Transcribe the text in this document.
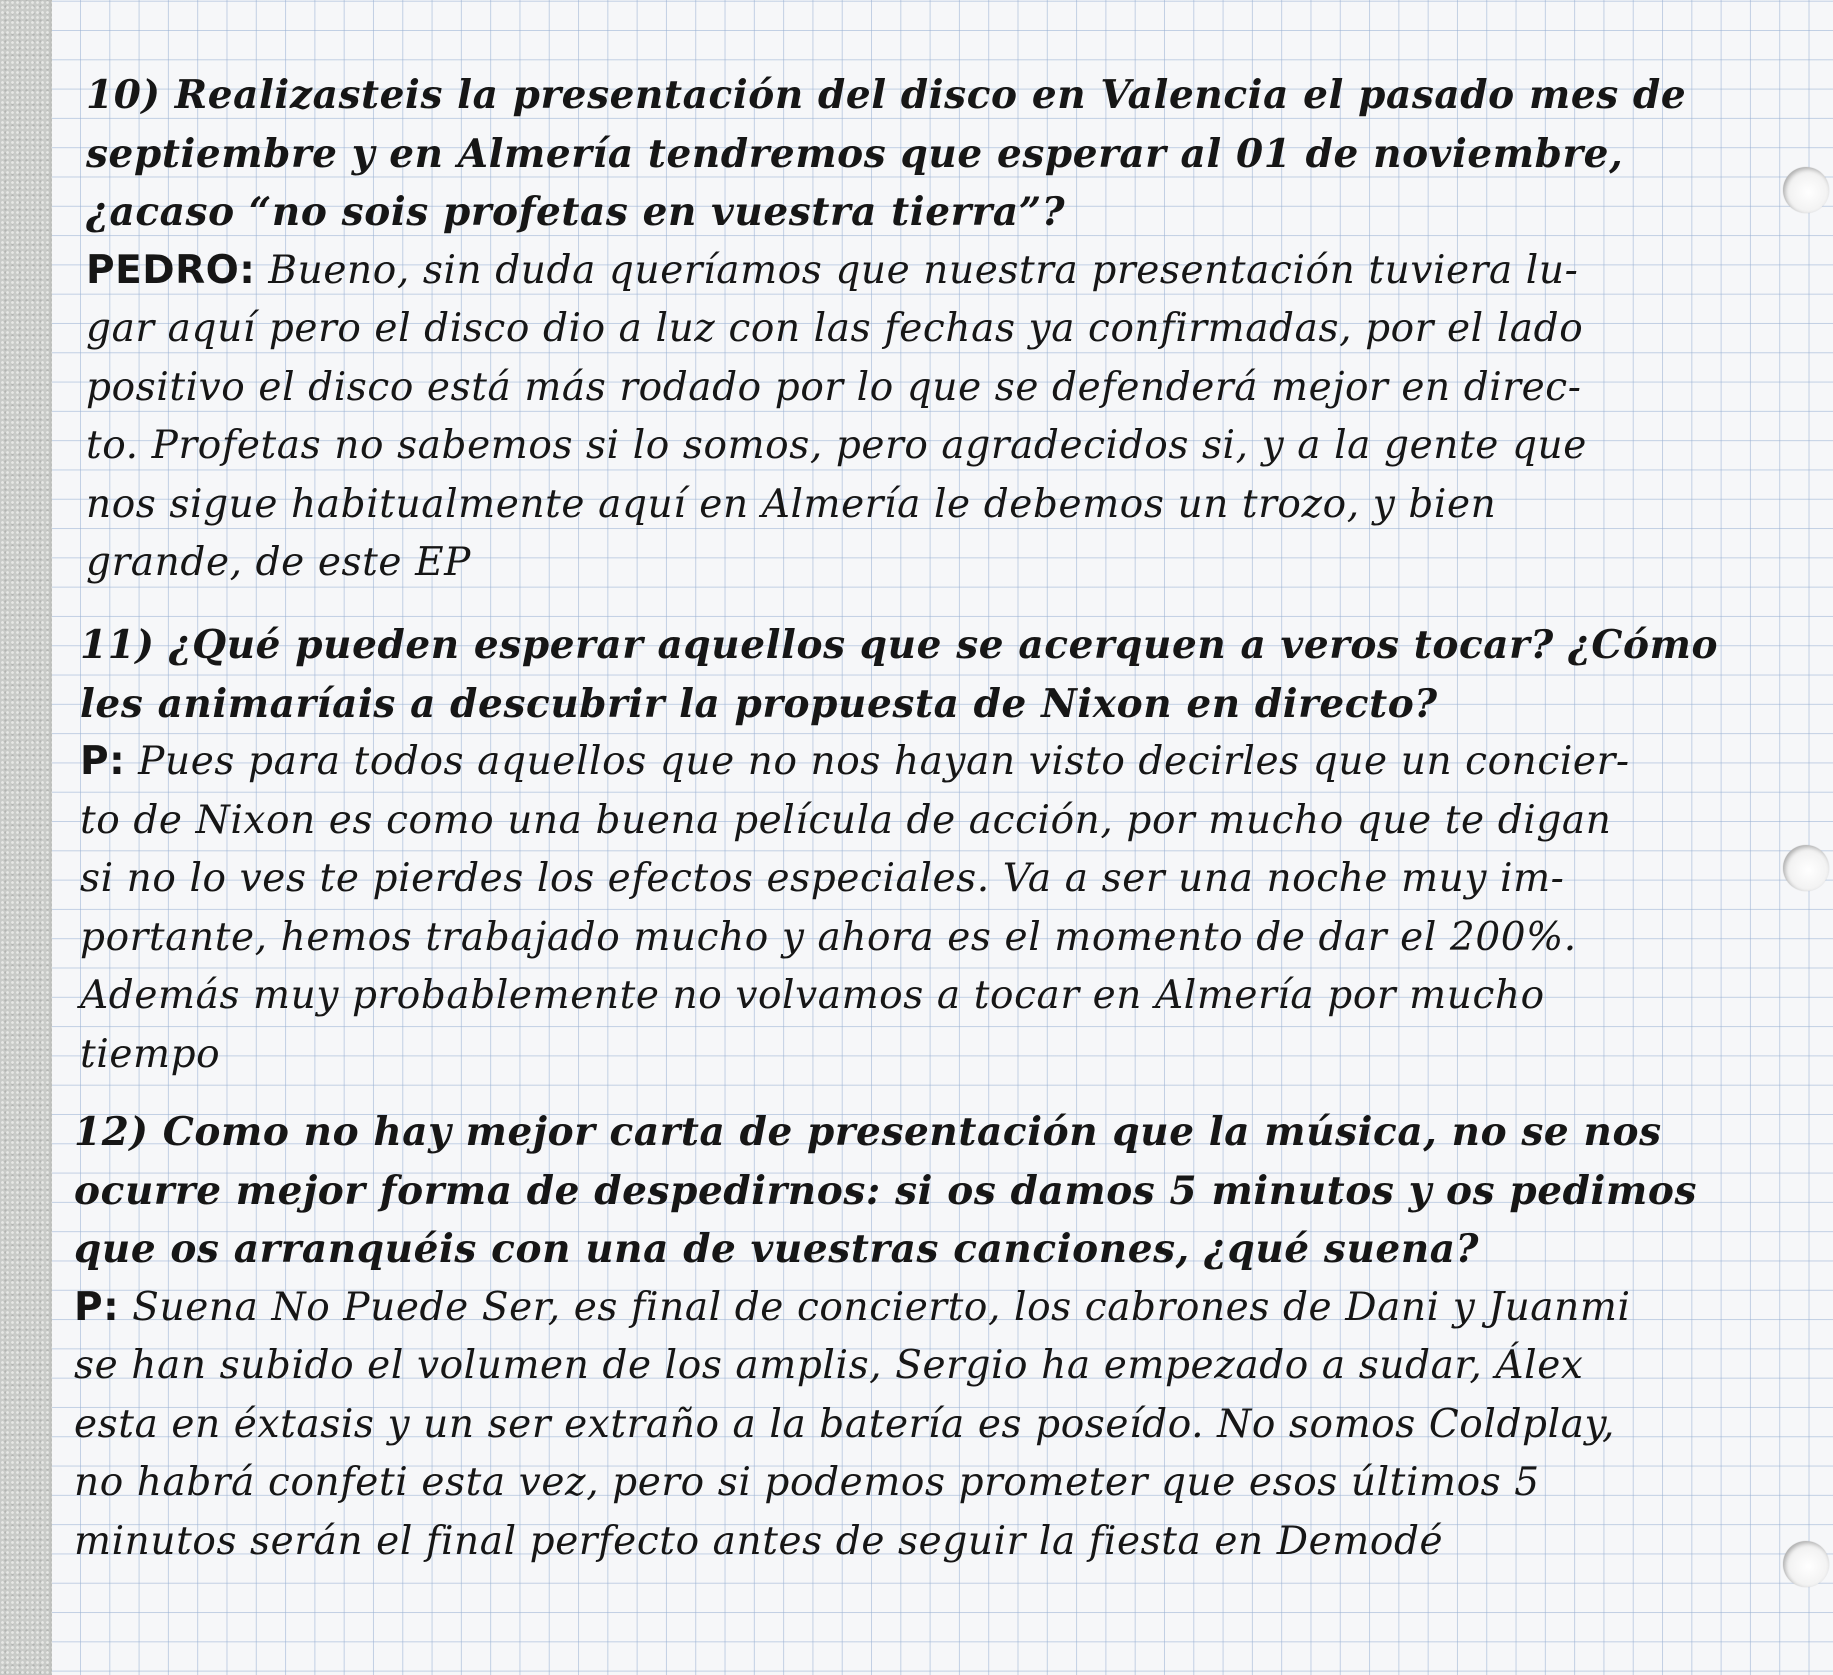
10) Realizasteis la presentación del disco en Valencia el pasado mes de
septiembre y en Almería tendremos que esperar al 01 de noviembre,
¿acaso “no sois profetas en vuestra tierra”?
PEDRO: Bueno, sin duda queríamos que nuestra presentación tuviera lu-
gar aquí pero el disco dio a luz con las fechas ya confirmadas, por el lado
positivo el disco está más rodado por lo que se defenderá mejor en direc-
to. Profetas no sabemos si lo somos, pero agradecidos si, y a la gente que
nos sigue habitualmente aquí en Almería le debemos un trozo, y bien
grande, de este EP
11) ¿Qué pueden esperar aquellos que se acerquen a veros tocar? ¿Cómo
les animaríais a descubrir la propuesta de Nixon en directo?
P: Pues para todos aquellos que no nos hayan visto decirles que un concier-
to de Nixon es como una buena película de acción, por mucho que te digan
si no lo ves te pierdes los efectos especiales. Va a ser una noche muy im-
portante, hemos trabajado mucho y ahora es el momento de dar el 200%.
Además muy probablemente no volvamos a tocar en Almería por mucho
tiempo
12) Como no hay mejor carta de presentación que la música, no se nos
ocurre mejor forma de despedirnos: si os damos 5 minutos y os pedimos
que os arranquéis con una de vuestras canciones, ¿qué suena?
P: Suena No Puede Ser, es final de concierto, los cabrones de Dani y Juanmi
se han subido el volumen de los amplis, Sergio ha empezado a sudar, Álex
esta en éxtasis y un ser extraño a la batería es poseído. No somos Coldplay,
no habrá confeti esta vez, pero si podemos prometer que esos últimos 5
minutos serán el final perfecto antes de seguir la fiesta en Demodé
